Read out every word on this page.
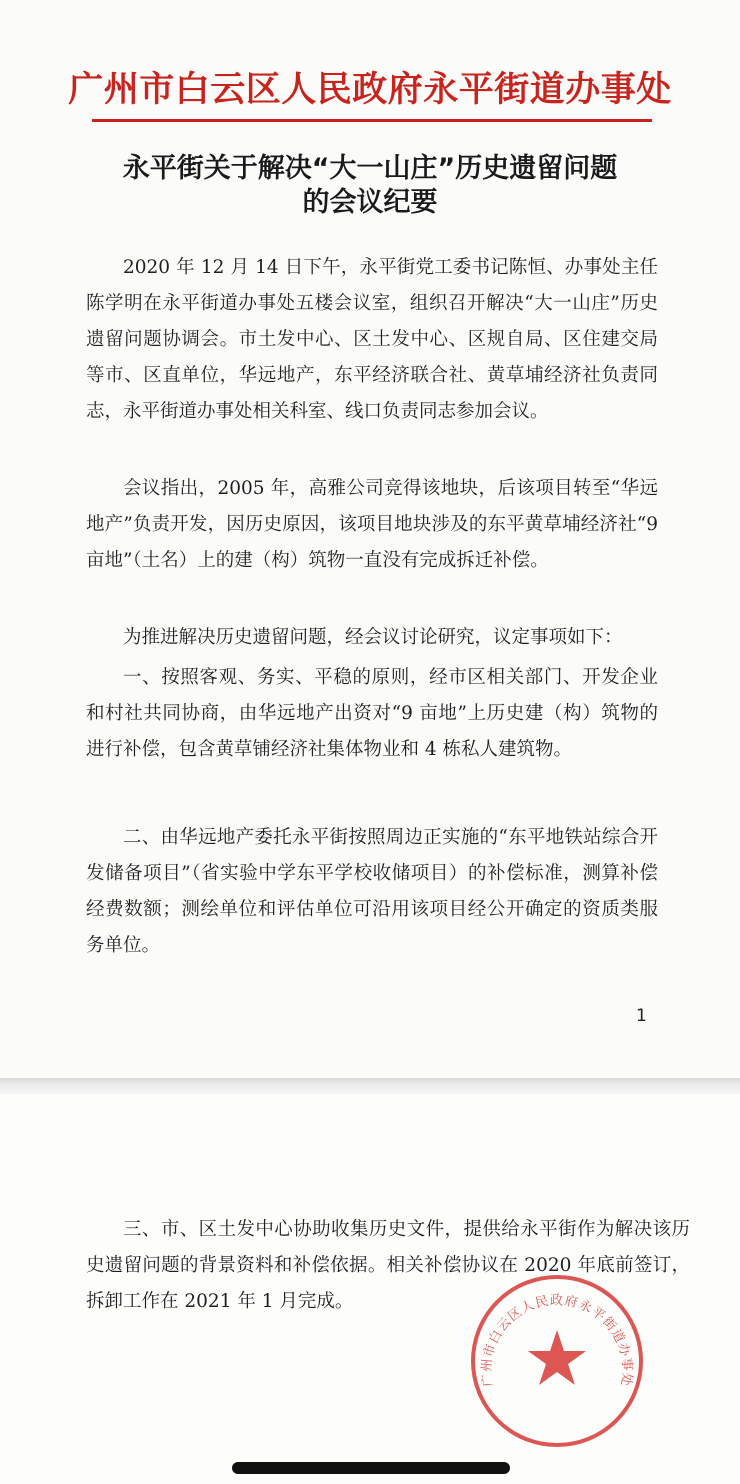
广州市白云区人民政府永平街道办事处
永平街关于解决“大一山庄”历史遗留问题
的会议纪要

2020 年 12 月 14 日下午，永平街党工委书记陈恒、办事处主任陈学明在永平街道办事处五楼会议室，组织召开解决“大一山庄”历史遗留问题协调会。市土发中心、区土发中心、区规自局、区住建交局等市、区直单位，华远地产，东平经济联合社、黄草埔经济社负责同志，永平街道办事处相关科室、线口负责同志参加会议。

会议指出，2005 年，高雅公司竞得该地块，后该项目转至“华远地产”负责开发，因历史原因，该项目地块涉及的东平黄草埔经济社“9 亩地”（土名）上的建（构）筑物一直没有完成拆迁补偿。

为推进解决历史遗留问题，经会议讨论研究，议定事项如下：

一、按照客观、务实、平稳的原则，经市区相关部门、开发企业和村社共同协商，由华远地产出资对“9 亩地”上历史建（构）筑物的进行补偿，包含黄草铺经济社集体物业和 4 栋私人建筑物。

二、由华远地产委托永平街按照周边正实施的“东平地铁站综合开发储备项目”（省实验中学东平学校收储项目）的补偿标准，测算补偿经费数额；测绘单位和评估单位可沿用该项目经公开确定的资质类服务单位。

1

三、市、区土发中心协助收集历史文件，提供给永平街作为解决该历史遗留问题的背景资料和补偿依据。相关补偿协议在 2020 年底前签订，拆卸工作在 2021 年 1 月完成。

广州市白云区人民政府永平街道办事处
